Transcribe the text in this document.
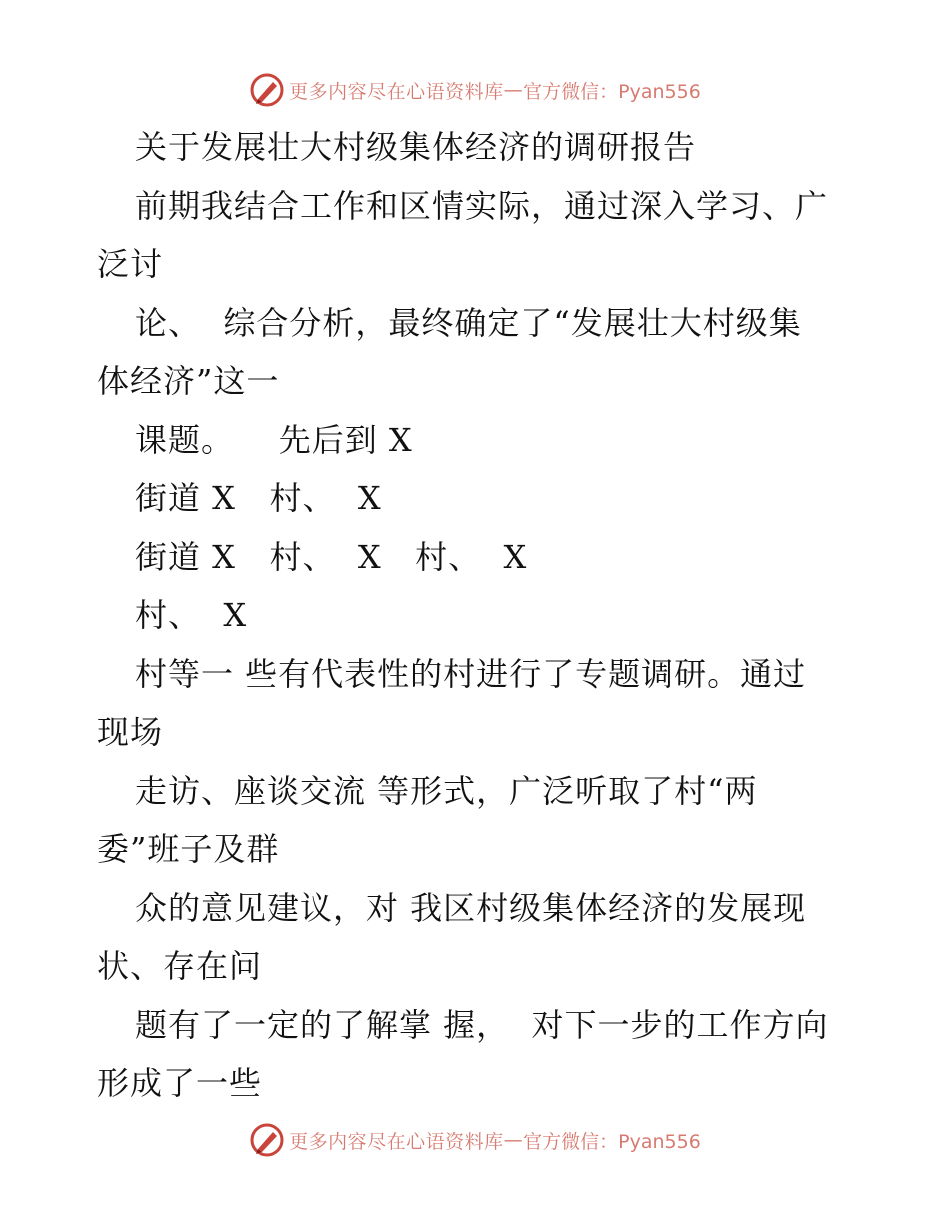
更多内容尽在心语资料库 — 官方微信：Pyan556
关于发展壮大村级集体经济的调研报告
前期我结合工作和区情实际，通过深入学习、广
泛讨
论、  综合分析，最终确定了“发展壮大村级集
体经济”这一
课题。    先后到 X
街道 X   村、  X
街道 X   村、  X   村、  X
村、  X
村等一 些有代表性的村进行了专题调研。通过
现场
走访、座谈交流 等形式，广泛听取了村“两
委”班子及群
众的意见建议，对 我区村级集体经济的发展现
状、存在问
题有了一定的了解掌 握，  对下一步的工作方向
形成了一些
更多内容尽在心语资料库 — 官方微信：Pyan556
